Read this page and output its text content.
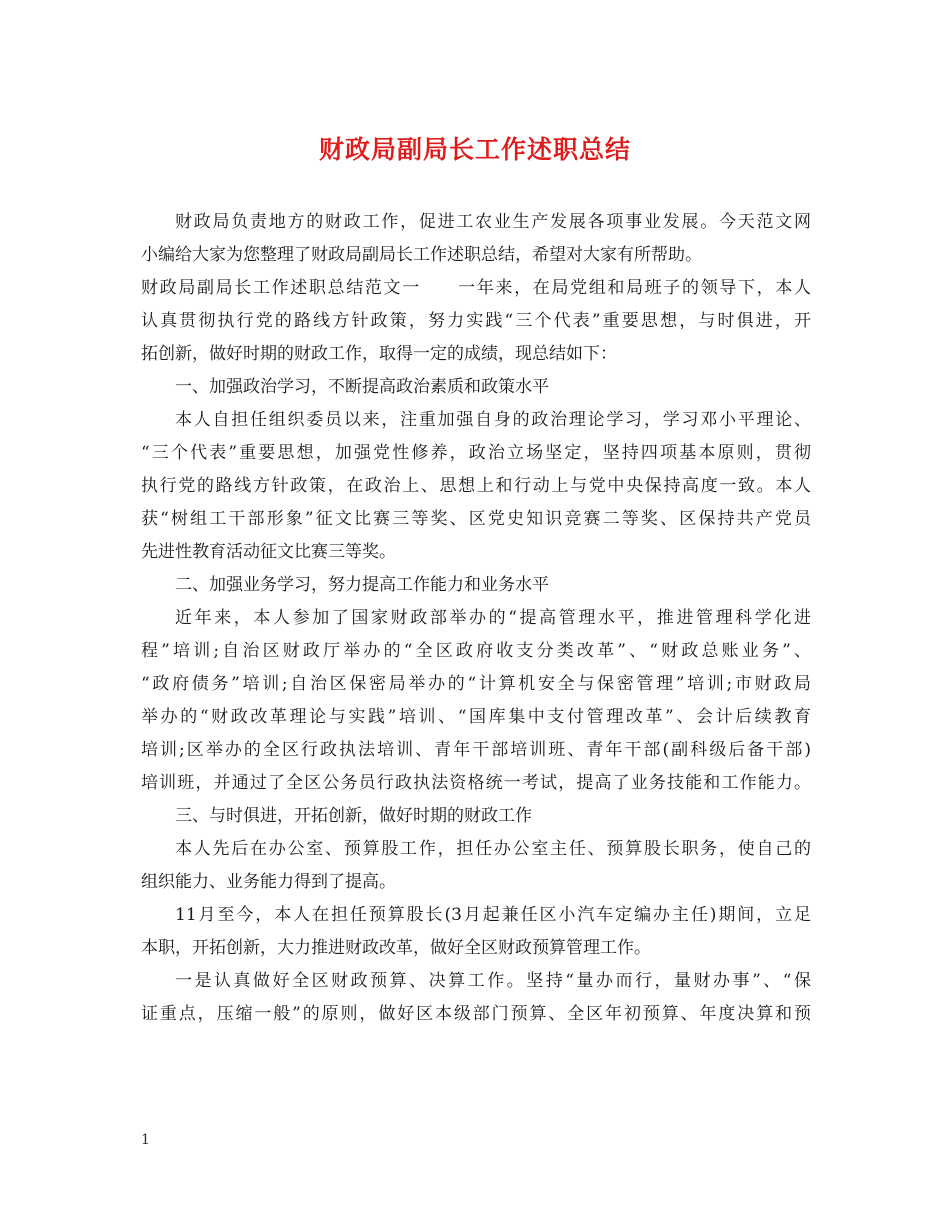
财政局副局长工作述职总结
财政局负责地方的财政工作，促进工农业生产发展各项事业发展。今天范文网
小编给大家为您整理了财政局副局长工作述职总结，希望对大家有所帮助。
财政局副局长工作述职总结范文一　　一年来，在局党组和局班子的领导下，本人
认真贯彻执行党的路线方针政策，努力实践“三个代表”重要思想，与时俱进，开
拓创新，做好时期的财政工作，取得一定的成绩，现总结如下：
一、加强政治学习，不断提高政治素质和政策水平
本人自担任组织委员以来，注重加强自身的政治理论学习，学习邓小平理论、
“三个代表”重要思想，加强党性修养，政治立场坚定，坚持四项基本原则，贯彻
执行党的路线方针政策，在政治上、思想上和行动上与党中央保持高度一致。本人
获“树组工干部形象”征文比赛三等奖、区党史知识竞赛二等奖、区保持共产党员
先进性教育活动征文比赛三等奖。
二、加强业务学习，努力提高工作能力和业务水平
近年来，本人参加了国家财政部举办的“提高管理水平，推进管理科学化进
程”培训;自治区财政厅举办的“全区政府收支分类改革”、“财政总账业务”、
“政府债务”培训;自治区保密局举办的“计算机安全与保密管理”培训;市财政局
举办的“财政改革理论与实践”培训、“国库集中支付管理改革”、会计后续教育
培训;区举办的全区行政执法培训、青年干部培训班、青年干部(副科级后备干部)
培训班，并通过了全区公务员行政执法资格统一考试，提高了业务技能和工作能力。
三、与时俱进，开拓创新，做好时期的财政工作
本人先后在办公室、预算股工作，担任办公室主任、预算股长职务，使自己的
组织能力、业务能力得到了提高。
11月至今，本人在担任预算股长(3月起兼任区小汽车定编办主任)期间，立足
本职，开拓创新，大力推进财政改革，做好全区财政预算管理工作。
一是认真做好全区财政预算、决算工作。坚持“量办而行，量财办事”、“保
证重点，压缩一般”的原则，做好区本级部门预算、全区年初预算、年度决算和预
1
